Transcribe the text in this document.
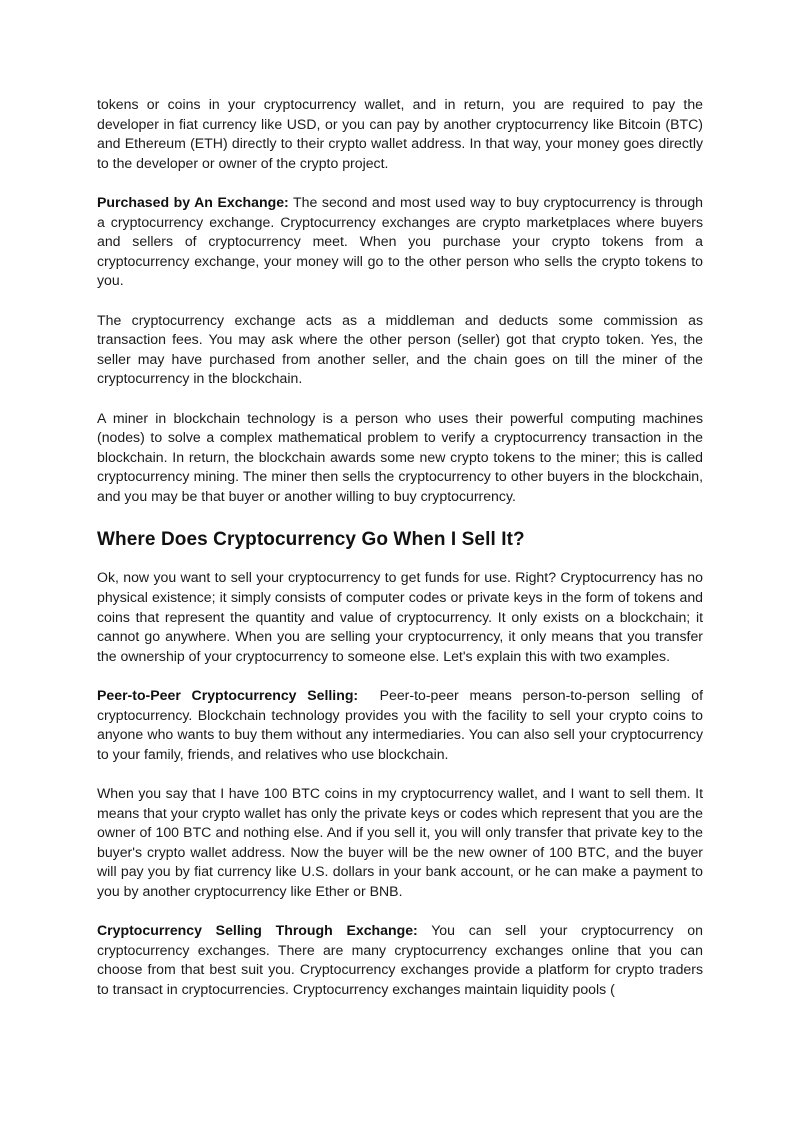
tokens or coins in your cryptocurrency wallet, and in return, you are required to pay the developer in fiat currency like USD, or you can pay by another cryptocurrency like Bitcoin (BTC) and Ethereum (ETH) directly to their crypto wallet address. In that way, your money goes directly to the developer or owner of the crypto project.

Purchased by An Exchange: The second and most used way to buy cryptocurrency is through a cryptocurrency exchange. Cryptocurrency exchanges are crypto marketplaces where buyers and sellers of cryptocurrency meet. When you purchase your crypto tokens from a cryptocurrency exchange, your money will go to the other person who sells the crypto tokens to you.

The cryptocurrency exchange acts as a middleman and deducts some commission as transaction fees. You may ask where the other person (seller) got that crypto token. Yes, the seller may have purchased from another seller, and the chain goes on till the miner of the cryptocurrency in the blockchain.

A miner in blockchain technology is a person who uses their powerful computing machines (nodes) to solve a complex mathematical problem to verify a cryptocurrency transaction in the blockchain. In return, the blockchain awards some new crypto tokens to the miner; this is called cryptocurrency mining. The miner then sells the cryptocurrency to other buyers in the blockchain, and you may be that buyer or another willing to buy cryptocurrency.

Where Does Cryptocurrency Go When I Sell It?

Ok, now you want to sell your cryptocurrency to get funds for use. Right? Cryptocurrency has no physical existence; it simply consists of computer codes or private keys in the form of tokens and coins that represent the quantity and value of cryptocurrency. It only exists on a blockchain; it cannot go anywhere. When you are selling your cryptocurrency, it only means that you transfer the ownership of your cryptocurrency to someone else. Let's explain this with two examples.

Peer-to-Peer Cryptocurrency Selling:  Peer-to-peer means person-to-person selling of cryptocurrency. Blockchain technology provides you with the facility to sell your crypto coins to anyone who wants to buy them without any intermediaries. You can also sell your cryptocurrency to your family, friends, and relatives who use blockchain.

When you say that I have 100 BTC coins in my cryptocurrency wallet, and I want to sell them. It means that your crypto wallet has only the private keys or codes which represent that you are the owner of 100 BTC and nothing else. And if you sell it, you will only transfer that private key to the buyer's crypto wallet address. Now the buyer will be the new owner of 100 BTC, and the buyer will pay you by fiat currency like U.S. dollars in your bank account, or he can make a payment to you by another cryptocurrency like Ether or BNB.

Cryptocurrency Selling Through Exchange: You can sell your cryptocurrency on cryptocurrency exchanges. There are many cryptocurrency exchanges online that you can choose from that best suit you. Cryptocurrency exchanges provide a platform for crypto traders to transact in cryptocurrencies. Cryptocurrency exchanges maintain liquidity pools (
